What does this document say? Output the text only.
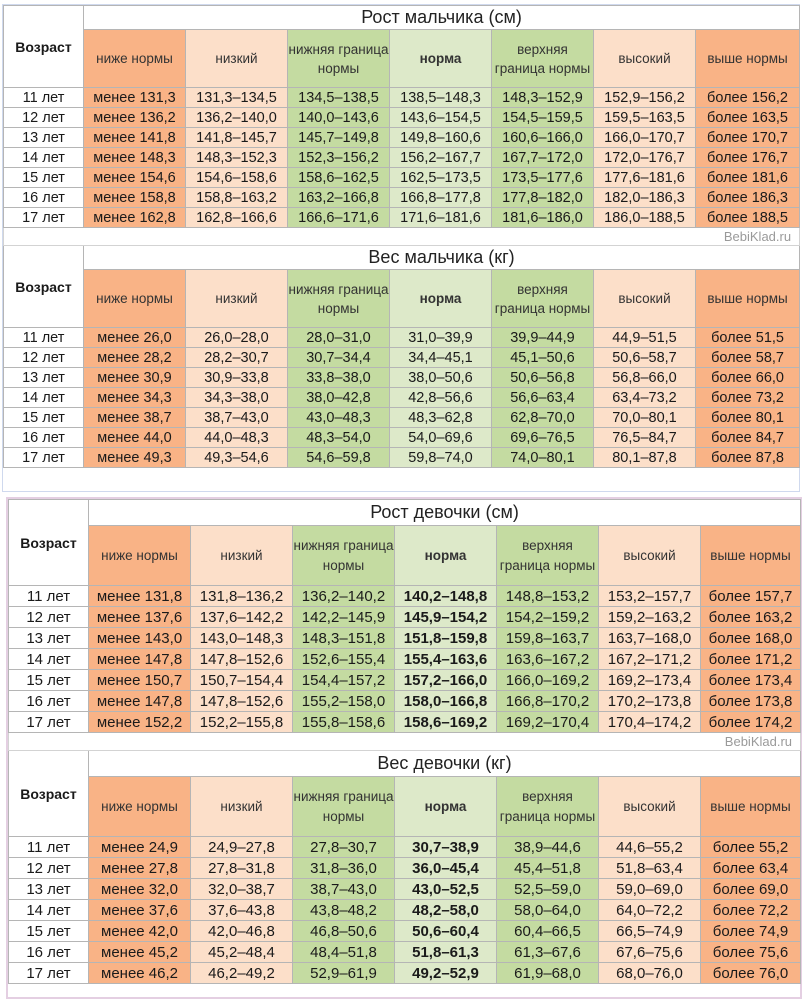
Возраст	Рост мальчика (см)						
	ниже нормы	низкий	нижняя граница нормы	норма	верхняя граница нормы	высокий	выше нормы
11 лет	менее 131,3	131,3–134,5	134,5–138,5	138,5–148,3	148,3–152,9	152,9–156,2	более 156,2
12 лет	менее 136,2	136,2–140,0	140,0–143,6	143,6–154,5	154,5–159,5	159,5–163,5	более 163,5
13 лет	менее 141,8	141,8–145,7	145,7–149,8	149,8–160,6	160,6–166,0	166,0–170,7	более 170,7
14 лет	менее 148,3	148,3–152,3	152,3–156,2	156,2–167,7	167,7–172,0	172,0–176,7	более 176,7
15 лет	менее 154,6	154,6–158,6	158,6–162,5	162,5–173,5	173,5–177,6	177,6–181,6	более 181,6
16 лет	менее 158,8	158,8–163,2	163,2–166,8	166,8–177,8	177,8–182,0	182,0–186,3	более 186,3
17 лет	менее 162,8	162,8–166,6	166,6–171,6	171,6–181,6	181,6–186,0	186,0–188,5	более 188,5
BebiKlad.ru							
Возраст	Вес мальчика (кг)						
	ниже нормы	низкий	нижняя граница нормы	норма	верхняя граница нормы	высокий	выше нормы
11 лет	менее 26,0	26,0–28,0	28,0–31,0	31,0–39,9	39,9–44,9	44,9–51,5	более 51,5
12 лет	менее 28,2	28,2–30,7	30,7–34,4	34,4–45,1	45,1–50,6	50,6–58,7	более 58,7
13 лет	менее 30,9	30,9–33,8	33,8–38,0	38,0–50,6	50,6–56,8	56,8–66,0	более 66,0
14 лет	менее 34,3	34,3–38,0	38,0–42,8	42,8–56,6	56,6–63,4	63,4–73,2	более 73,2
15 лет	менее 38,7	38,7–43,0	43,0–48,3	48,3–62,8	62,8–70,0	70,0–80,1	более 80,1
16 лет	менее 44,0	44,0–48,3	48,3–54,0	54,0–69,6	69,6–76,5	76,5–84,7	более 84,7
17 лет	менее 49,3	49,3–54,6	54,6–59,8	59,8–74,0	74,0–80,1	80,1–87,8	более 87,8
Возраст	Рост девочки (см)						
	ниже нормы	низкий	нижняя граница нормы	норма	верхняя граница нормы	высокий	выше нормы
11 лет	менее 131,8	131,8–136,2	136,2–140,2	140,2–148,8	148,8–153,2	153,2–157,7	более 157,7
12 лет	менее 137,6	137,6–142,2	142,2–145,9	145,9–154,2	154,2–159,2	159,2–163,2	более 163,2
13 лет	менее 143,0	143,0–148,3	148,3–151,8	151,8–159,8	159,8–163,7	163,7–168,0	более 168,0
14 лет	менее 147,8	147,8–152,6	152,6–155,4	155,4–163,6	163,6–167,2	167,2–171,2	более 171,2
15 лет	менее 150,7	150,7–154,4	154,4–157,2	157,2–166,0	166,0–169,2	169,2–173,4	более 173,4
16 лет	менее 147,8	147,8–152,6	155,2–158,0	158,0–166,8	166,8–170,2	170,2–173,8	более 173,8
17 лет	менее 152,2	152,2–155,8	155,8–158,6	158,6–169,2	169,2–170,4	170,4–174,2	более 174,2
BebiKlad.ru							
Возраст	Вес девочки (кг)						
	ниже нормы	низкий	нижняя граница нормы	норма	верхняя граница нормы	высокий	выше нормы
11 лет	менее 24,9	24,9–27,8	27,8–30,7	30,7–38,9	38,9–44,6	44,6–55,2	более 55,2
12 лет	менее 27,8	27,8–31,8	31,8–36,0	36,0–45,4	45,4–51,8	51,8–63,4	более 63,4
13 лет	менее 32,0	32,0–38,7	38,7–43,0	43,0–52,5	52,5–59,0	59,0–69,0	более 69,0
14 лет	менее 37,6	37,6–43,8	43,8–48,2	48,2–58,0	58,0–64,0	64,0–72,2	более 72,2
15 лет	менее 42,0	42,0–46,8	46,8–50,6	50,6–60,4	60,4–66,5	66,5–74,9	более 74,9
16 лет	менее 45,2	45,2–48,4	48,4–51,8	51,8–61,3	61,3–67,6	67,6–75,6	более 75,6
17 лет	менее 46,2	46,2–49,2	52,9–61,9	49,2–52,9	61,9–68,0	68,0–76,0	более 76,0
